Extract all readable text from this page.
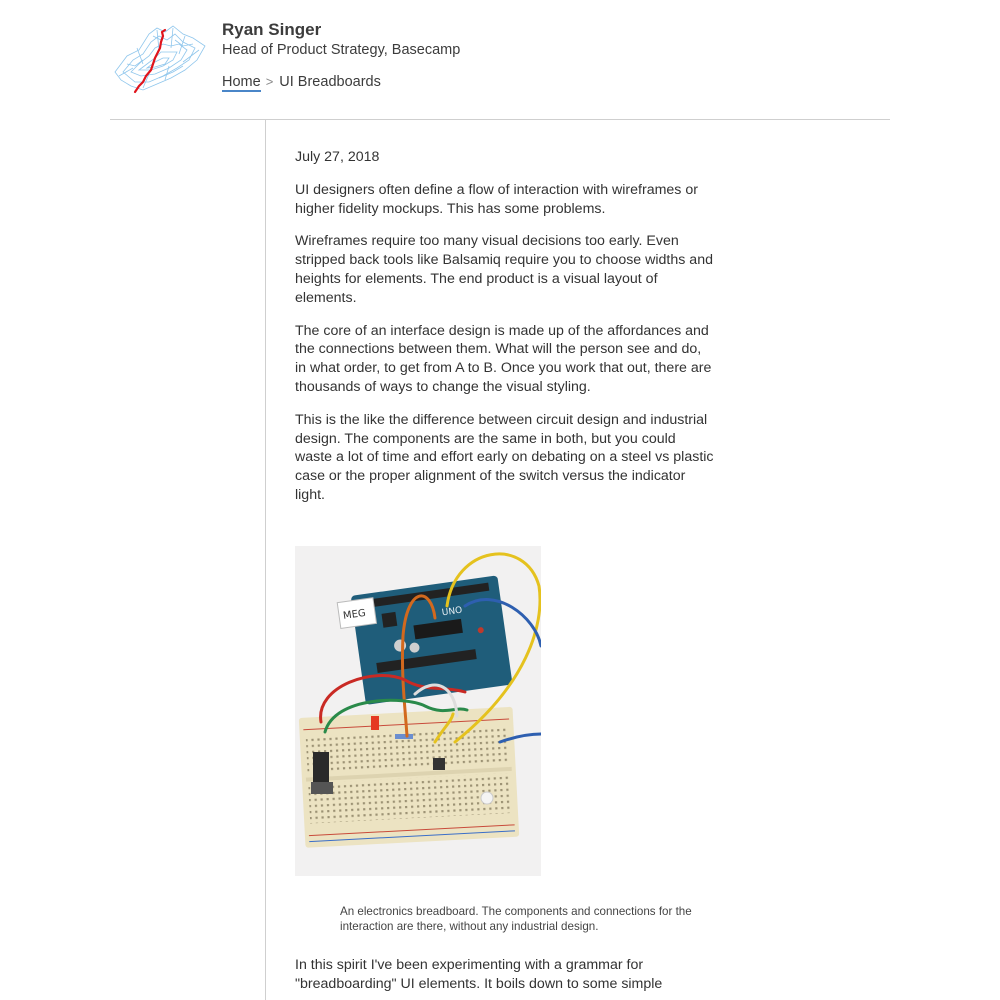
Ryan Singer
Head of Product Strategy, Basecamp
Home > UI Breadboards
July 27, 2018

UI designers often define a flow of interaction with wireframes or higher fidelity mockups. This has some problems.

Wireframes require too many visual decisions too early. Even stripped back tools like Balsamiq require you to choose widths and heights for elements. The end product is a visual layout of elements.

The core of an interface design is made up of the affordances and the connections between them. What will the person see and do, in what order, to get from A to B. Once you work that out, there are thousands of ways to change the visual styling.

This is the like the difference between circuit design and industrial design. The components are the same in both, but you could waste a lot of time and effort early on debating on a steel vs plastic case or the proper alignment of the switch versus the indicator light.

UNO
MEG
An electronics breadboard. The components and connections for the interaction are there, without any industrial design.

In this spirit I've been experimenting with a grammar for "breadboarding" UI elements. It boils down to some simple
